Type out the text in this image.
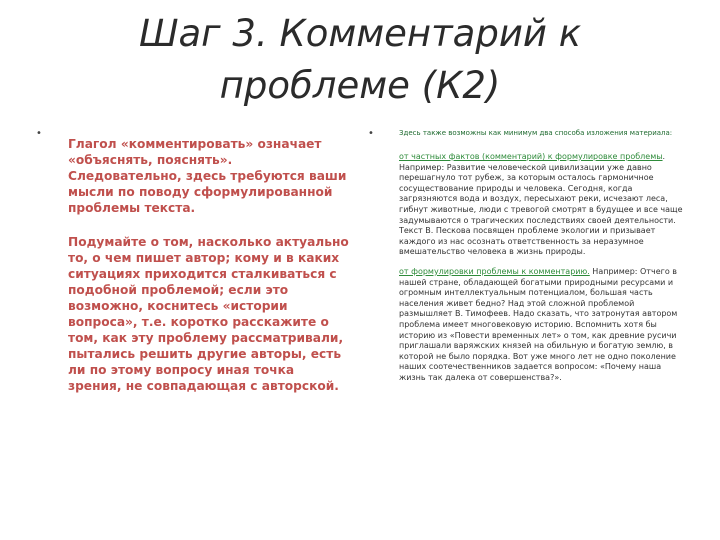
Шаг 3. Комментарий к проблеме (К2)
•

Глагол «комментировать» означает «объяснять, пояснять». Следовательно, здесь требуются ваши мысли по поводу сформулированной проблемы текста.

Подумайте о том, насколько актуально то, о чем пишет автор; кому и в каких ситуациях приходится сталкиваться с подобной проблемой; если это возможно, коснитесь «истории вопроса», т.е. коротко расскажите о том, как эту проблему рассматривали, пытались решить другие авторы, есть ли по этому вопросу иная точка зрения, не совпадающая с авторской.

•	Здесь также возможны как минимум два способа изложения материала:

от частных фактов (комментарий) к формулировке проблемы. Например: Развитие человеческой цивилизации уже давно перешагнуло тот рубеж, за которым осталось гармоничное сосуществование природы и человека. Сегодня, когда загрязняются вода и воздух, пересыхают реки, исчезают леса, гибнут животные, люди с тревогой смотрят в будущее и все чаще задумываются о трагических последствиях своей деятельности. Текст В. Пескова посвящен проблеме экологии и призывает каждого из нас осознать ответственность за неразумное вмешательство человека в жизнь природы.

от формулировки проблемы к комментарию. Например: Отчего в нашей стране, обладающей богатыми природными ресурсами и огромным интеллектуальным потенциалом, большая часть населения живет бедно? Над этой сложной проблемой размышляет В. Тимофеев. Надо сказать, что затронутая автором проблема имеет многовековую историю. Вспомнить хотя бы историю из «Повести временных лет» о том, как древние русичи приглашали варяжских князей на обильную и богатую землю, в которой не было порядка. Вот уже много лет не одно поколение наших соотечественников задается вопросом: «Почему наша жизнь так далека от совершенства?».
